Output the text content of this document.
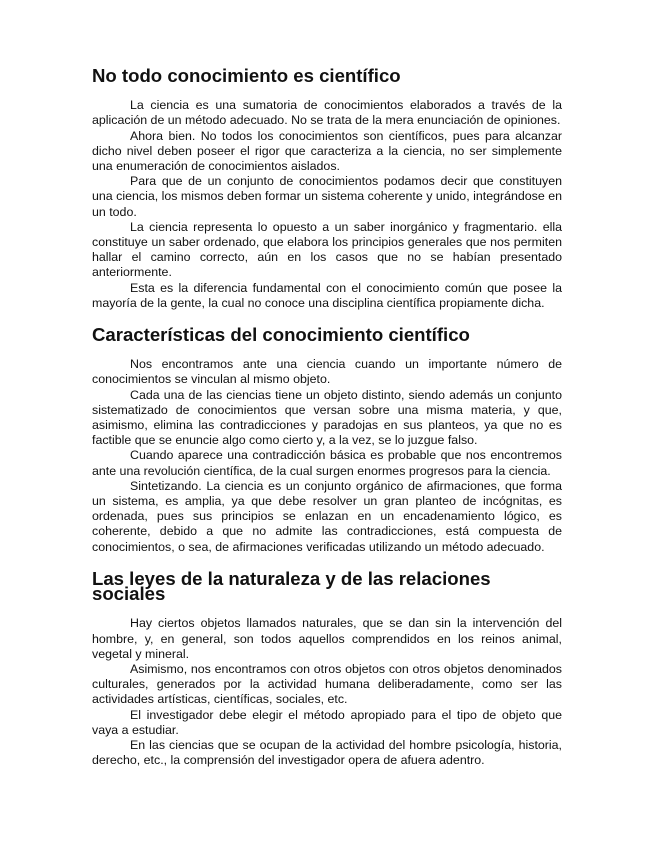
No todo conocimiento es científico

La ciencia es una sumatoria de conocimientos elaborados a través de la aplicación de un método adecuado. No se trata de la mera enunciación de opiniones.

Ahora bien. No todos los conocimientos son científicos, pues para alcanzar dicho nivel deben poseer el rigor que caracteriza a la ciencia, no ser simplemente una enumeración de conocimientos aislados.

Para que de un conjunto de conocimientos podamos decir que constituyen una ciencia, los mismos deben formar un sistema coherente y unido, integrándose en un todo.

La ciencia representa lo opuesto a un saber inorgánico y fragmentario. ella constituye un saber ordenado, que elabora los principios generales que nos permiten hallar el camino correcto, aún en los casos que no se habían presentado anteriormente.

Esta es la diferencia fundamental con el conocimiento común que posee la mayoría de la gente, la cual no conoce una disciplina científica propiamente dicha.

Características del conocimiento científico

Nos encontramos ante una ciencia cuando un importante número de conocimientos se vinculan al mismo objeto.

Cada una de las ciencias tiene un objeto distinto, siendo además un conjunto sistematizado de conocimientos que versan sobre una misma materia, y que, asimismo, elimina las contradicciones y paradojas en sus planteos, ya que no es factible que se enuncie algo como cierto y, a la vez, se lo juzgue falso.

Cuando aparece una contradicción básica es probable que nos encontremos ante una revolución científica, de la cual surgen enormes progresos para la ciencia.

Sintetizando. La ciencia es un conjunto orgánico de afirmaciones, que forma un sistema, es amplia, ya que debe resolver un gran planteo de incógnitas, es ordenada, pues sus principios se enlazan en un encadenamiento lógico, es coherente, debido a que no admite las contradicciones, está compuesta de conocimientos, o sea, de afirmaciones verificadas utilizando un método adecuado.

Las leyes de la naturaleza y de las relaciones sociales

Hay ciertos objetos llamados naturales, que se dan sin la intervención del hombre, y, en general, son todos aquellos comprendidos en los reinos animal, vegetal y mineral.

Asimismo, nos encontramos con otros objetos con otros objetos denominados culturales, generados por la actividad humana deliberadamente, como ser las actividades artísticas, científicas, sociales, etc.

El investigador debe elegir el método apropiado para el tipo de objeto que vaya a estudiar.

En las ciencias que se ocupan de la actividad del hombre psicología, historia, derecho, etc., la comprensión del investigador opera de afuera adentro.
